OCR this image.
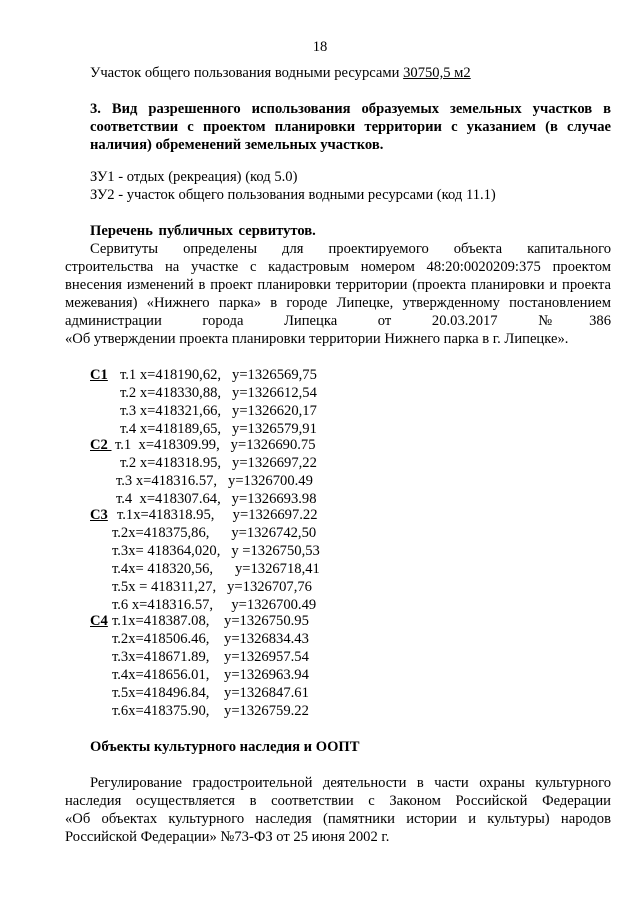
18
Участок общего пользования водными ресурсами 30750,5 м2
3. Вид разрешенного использования образуемых земельных участков в
соответствии с проектом планировки территории с указанием (в случае
наличия) обременений земельных участков.
ЗУ1 - отдых (рекреация) (код 5.0)
ЗУ2 - участок общего пользования водными ресурсами (код 11.1)
Перечень публичных сервитутов.
Сервитуты определены для проектируемого объекта капитального
строительства на участке с кадастровым номером 48:20:0020209:375 проектом
внесения изменений в проект планировки территории (проекта планировки и проекта
межевания) «Нижнего парка» в городе Липецке, утвержденному постановлением
администрации города Липецка от 20.03.2017 №386
«Об утверждении проекта планировки территории Нижнего парка в г. Липецке».
С1 т.1 х=418190,62,   у=1326569,75
т.2 х=418330,88,   у=1326612,54
т.3 х=418321,66,   у=1326620,17
т.4 х=418189,65,   у=1326579,91
С2 т.1  х=418309.99,   у=1326690.75
т.2 х=418318.95,   у=1326697,22
т.3 х=418316.57,   у=1326700.49
т.4  х=418307.64,   у=1326693.98
С3 т.1х=418318.95,     у=1326697.22
т.2х=418375,86,      у=1326742,50
т.3х= 418364,020,   у =1326750,53
т.4х= 418320,56,      у=1326718,41
т.5х = 418311,27,   у=1326707,76
т.6 х=418316.57,     у=1326700.49
С4 т.1х=418387.08,    у=1326750.95
т.2х=418506.46,    у=1326834.43
т.3х=418671.89,    у=1326957.54
т.4х=418656.01,    у=1326963.94
т.5х=418496.84,    у=1326847.61
т.6х=418375.90,    у=1326759.22
Объекты культурного наследия и ООПТ
Регулирование градостроительной деятельности в части охраны культурного
наследия осуществляется в соответствии с Законом Российской Федерации
«Об объектах культурного наследия (памятники истории и культуры) народов
Российской Федерации» №73-ФЗ от 25 июня 2002 г.
